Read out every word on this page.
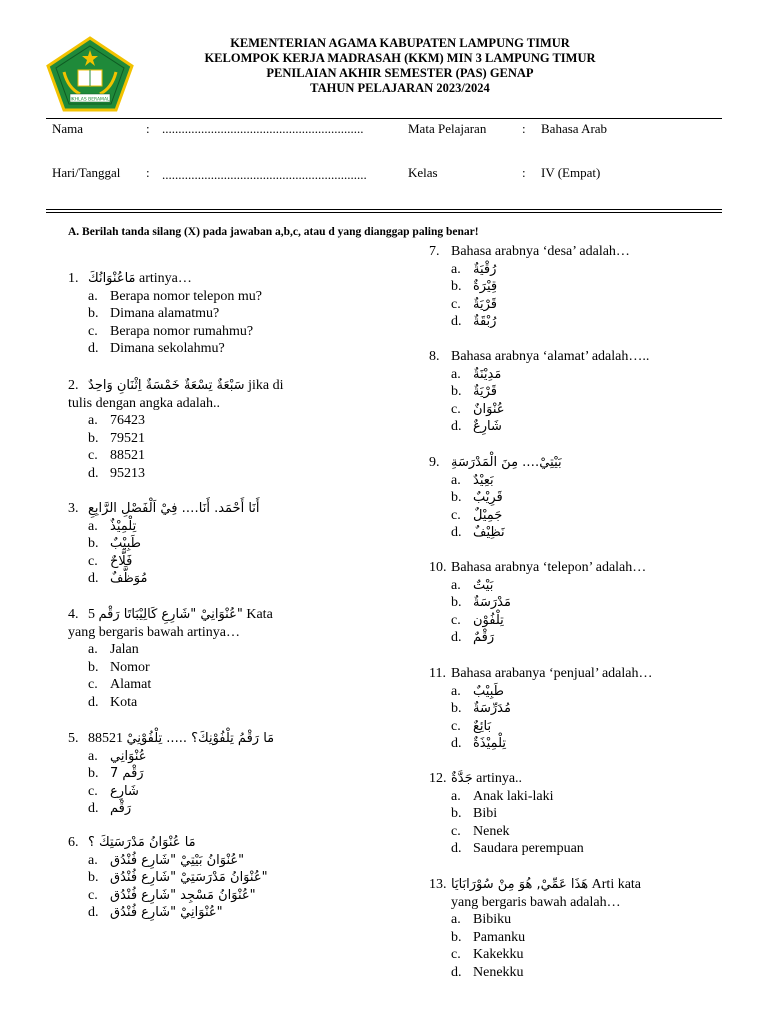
IKHLAS BERAMAL
KEMENTERIAN AGAMA KABUPATEN LAMPUNG TIMUR
KELOMPOK KERJA MADRASAH (KKM) MIN 3 LAMPUNG TIMUR
PENILAIAN AKHIR SEMESTER (PAS) GENAP
TAHUN PELAJARAN 2023/2024
Nama	: ..............................................................	Mata Pelajaran	: Bahasa Arab
Hari/Tanggal : ...............................................................	Kelas	: IV (Empat)
A. Berilah tanda silang (X) pada jawaban a,b,c, atau d yang dianggap paling benar!
1. مَاعُنْوَانُكَ artinya…
a. Berapa nomor telepon mu?
b. Dimana alamatmu?
c. Berapa nomor rumahmu?
d. Dimana sekolahmu?
2. سَبْعَةٌ تِسْعَةٌ خَمْسَةٌ اِثْنَانِ وَاحِدٌ jika di
tulis dengan angka adalah..
a. 76423
b. 79521
c. 88521
d. 95213
3. أَنَا أَحْمَد. أَنَا…. فِيْ اَلْفَصْلِ الرَّابِعِ
a. تِلْمِيْذٌ
b. طَبِيْبٌ
c. فَلَّاحٌ
d. مُوَظَّفٌ
4. 5 "عُنْوَانِيْ "شَارِعِ كَالِيْبَاتَا رَقْم Kata
yang bergaris bawah artinya…
a. Jalan
b. Nomor
c. Alamat
d. Kota
5. 88521 مَا رَقْمُ تِلْفُوْنِكَ؟ ..... تِلْفُوْنِيْ
a. عُنْوَانِي
b. رَقْم 7
c. شَارِع
d. رَقْم
6. مَا عُنْوَانُ مَدْرَسَتِكَ ؟
a. "عُنْوَانُ بَيْتِيْ "شَارِع فُنْدُق
b. "عُنْوَانُ مَدْرَسَتِيْ "شَارِع فُنْدُق
c. "عُنْوَانُ مَسْجِد "شَارِع فُنْدُق
d. "عُنْوَانِيْ "شَارِع فُنْدُق
7. Bahasa arabnya ‘desa’ adalah…
a. رُقْيَةٌ
b. قِيْرَةٌ
c. قَرْيَةٌ
d. رُبْقَةٌ
8. Bahasa arabnya ‘alamat’ adalah…..
a. مَدِيْنَةٌ
b. قَرْيَةٌ
c. عُنْوَانٌ
d. شَارِعٌ
9. بَيْتِيْ…. مِنَ الْمَدْرَسَةِ
a. بَعِيْدٌ
b. قَرِيْبٌ
c. جَمِيْلٌ
d. نَظِيْفٌ
10. Bahasa arabnya ‘telepon’ adalah…
a. بَيْتٌ
b. مَدْرَسَةٌ
c. تِلْفُوْن
d. رَقْمٌ
11. Bahasa arabanya ‘penjual’ adalah…
a. طَبِيْبٌ
b. مُدَرِّسَةٌ
c. بَائِعٌ
d. تِلْمِيْذَةٌ
12. جَدَّةٌ artinya..
a. Anak laki-laki
b. Bibi
c. Nenek
d. Saudara perempuan
13. هَذَا عَمِّيْ, هُوَ مِنْ سُوْرَابَايَا Arti kata
yang bergaris bawah adalah…
a. Bibiku
b. Pamanku
c. Kakekku
d. Nenekku
